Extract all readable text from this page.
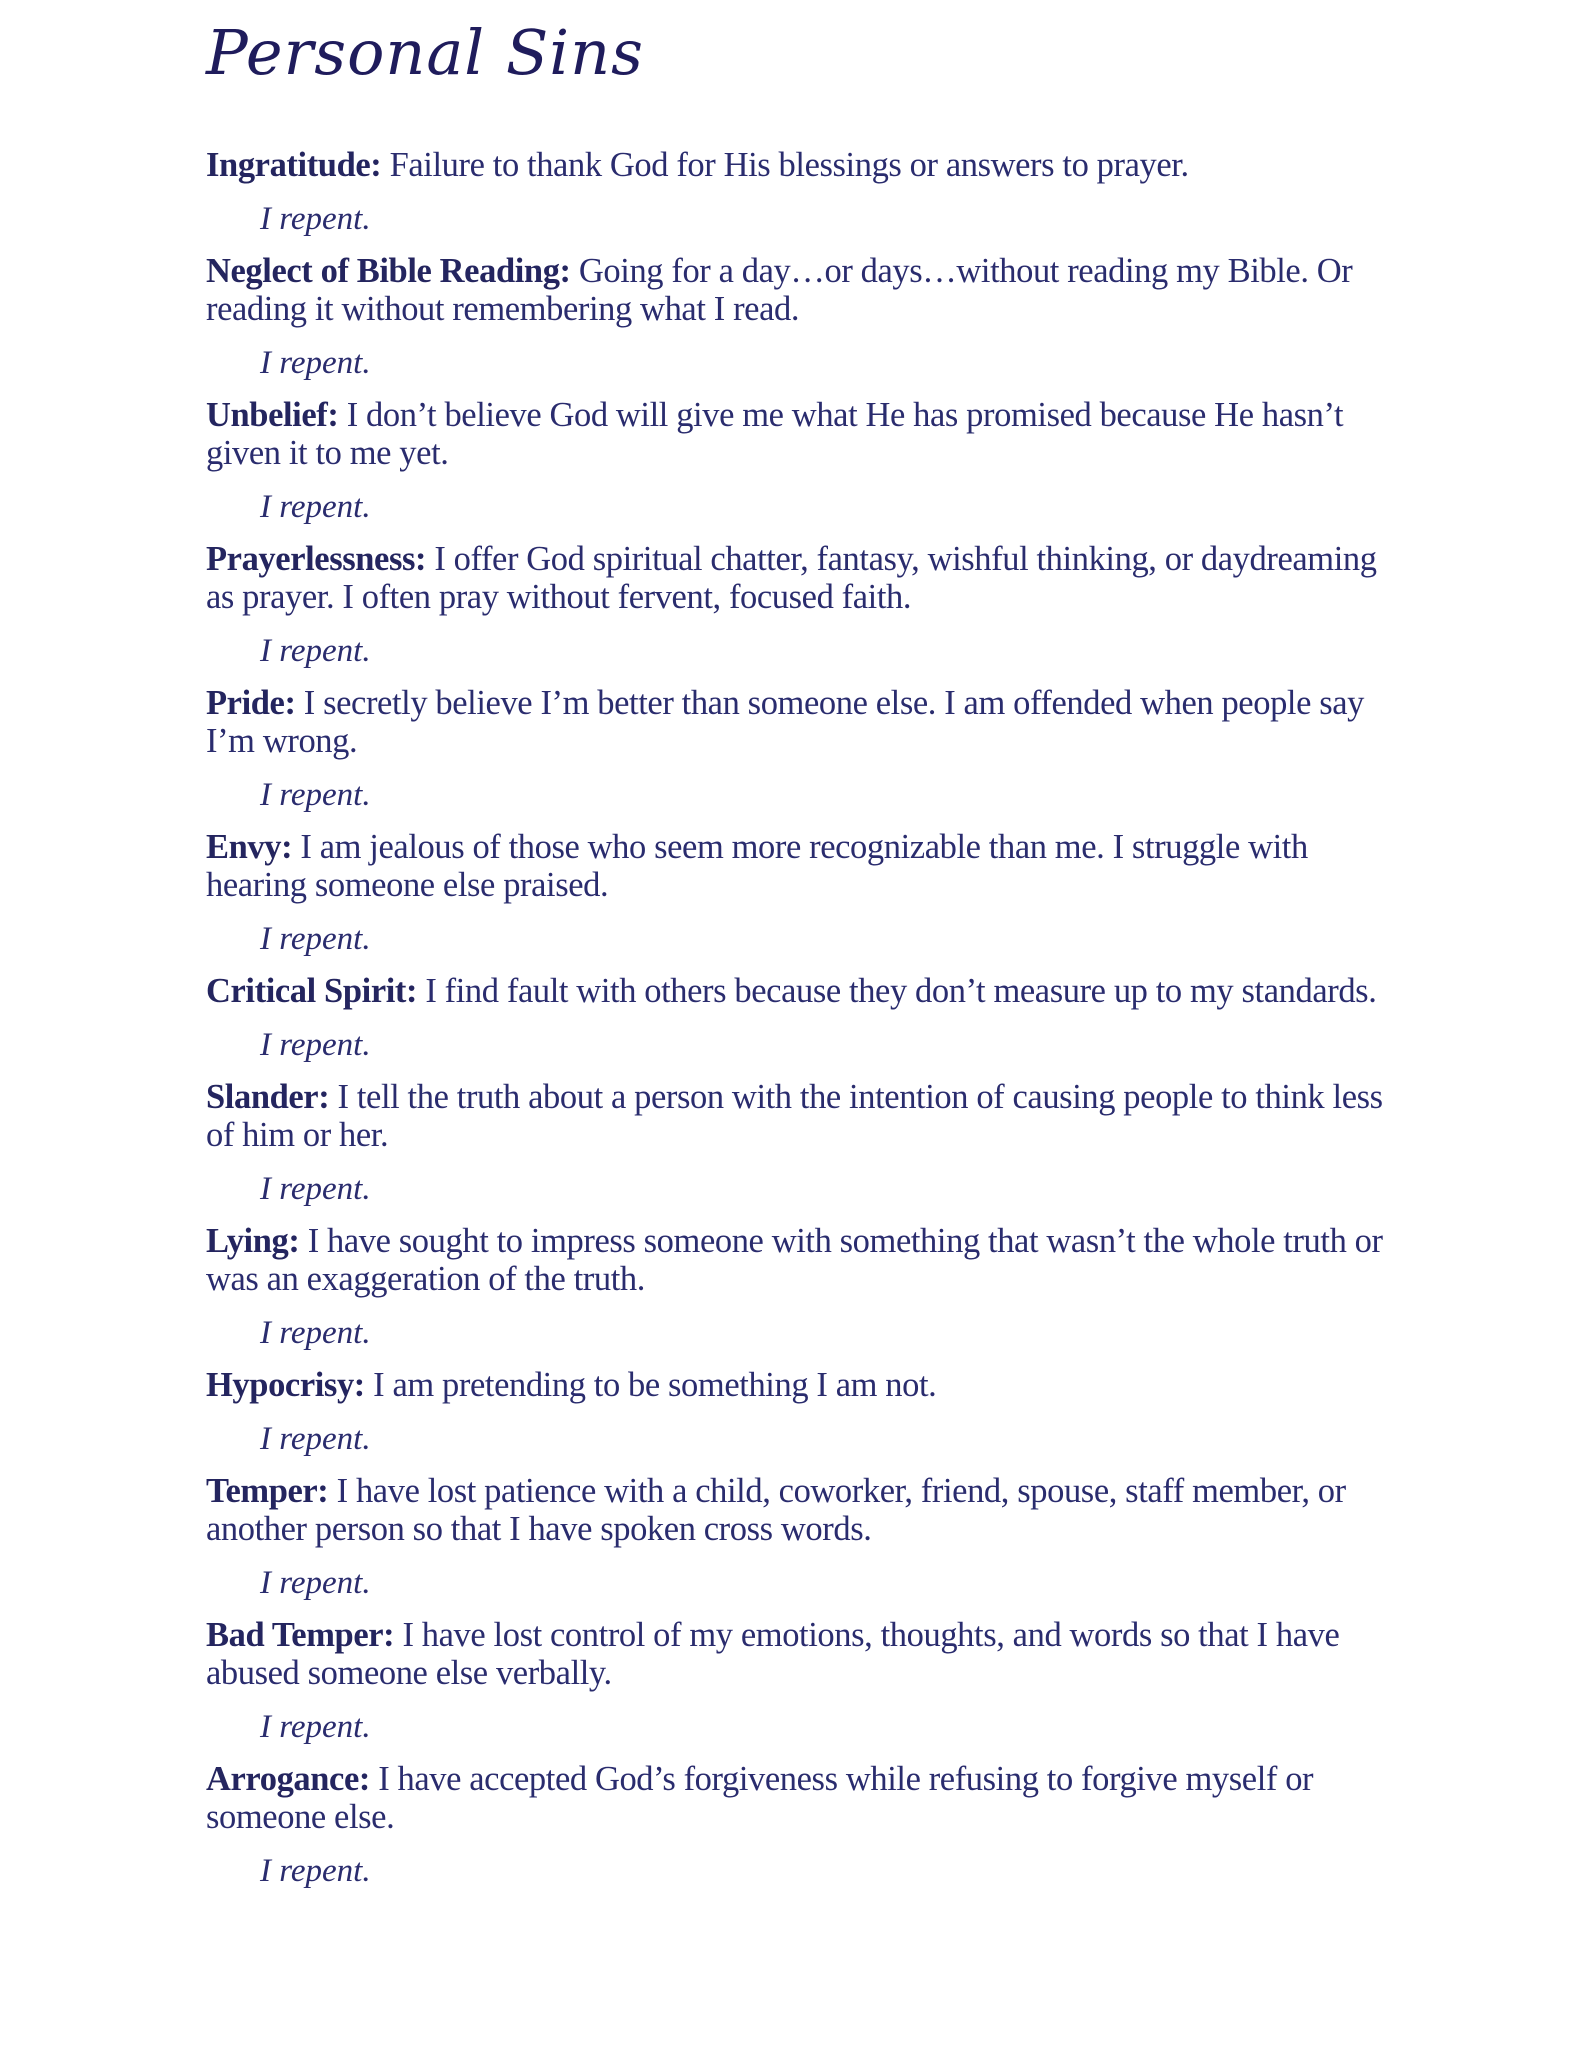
Personal Sins

Ingratitude: Failure to thank God for His blessings or answers to prayer.

I repent.

Neglect of Bible Reading: Going for a day…or days…without reading my Bible. Or reading it without remembering what I read.

I repent.

Unbelief: I don’t believe God will give me what He has promised because He hasn’t given it to me yet.

I repent.

Prayerlessness: I offer God spiritual chatter, fantasy, wishful thinking, or daydreaming as prayer. I often pray without fervent, focused faith.

I repent.

Pride: I secretly believe I’m better than someone else. I am offended when people say I’m wrong.

I repent.

Envy: I am jealous of those who seem more recognizable than me. I struggle with hearing someone else praised.

I repent.

Critical Spirit: I find fault with others because they don’t measure up to my standards.

I repent.

Slander: I tell the truth about a person with the intention of causing people to think less of him or her.

I repent.

Lying: I have sought to impress someone with something that wasn’t the whole truth or was an exaggeration of the truth.

I repent.

Hypocrisy: I am pretending to be something I am not.

I repent.

Temper: I have lost patience with a child, coworker, friend, spouse, staff member, or another person so that I have spoken cross words.

I repent.

Bad Temper: I have lost control of my emotions, thoughts, and words so that I have abused someone else verbally.

I repent.

Arrogance: I have accepted God’s forgiveness while refusing to forgive myself or someone else.

I repent.
